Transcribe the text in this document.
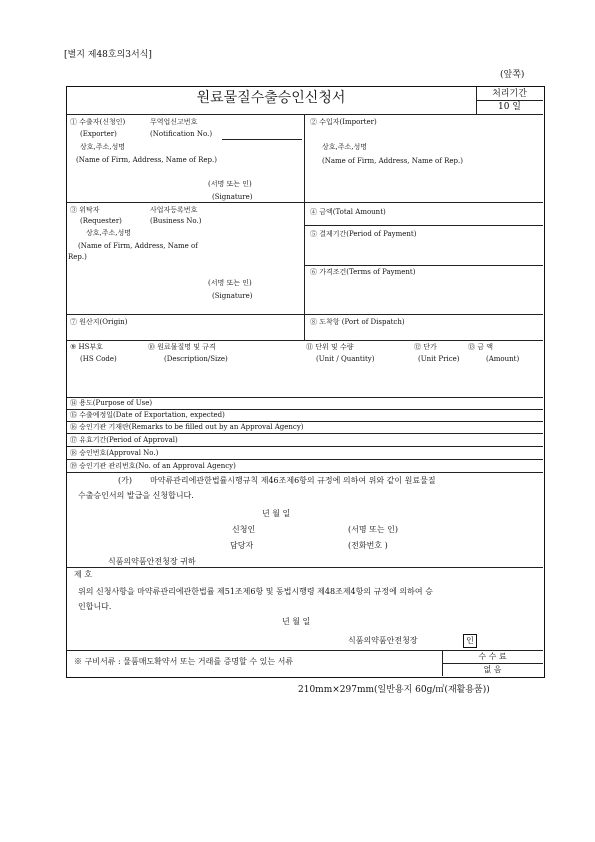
[별지 제48호의3서식]
(앞쪽)
원료물질수출승인신청서	처리기간
10 일
① 수출자(신청인)	무역업신고번호
(Exporter)	(Notification No.)
상호,주소,성명
(Name of Firm, Address, Name of Rep.)
(서명 또는 인)
(Signature)
② 수입자(Importer)
상호,주소,성명
(Name of Firm, Address, Name of Rep.)
③ 위탁자	사업자등록번호
(Requester)	(Business No.)
상호,주소,성명
(Name of Firm, Address, Name of
Rep.)
(서명 또는 인)
(Signature)
④ 금액(Total Amount)
⑤ 결제기간(Period of Payment)
⑥ 가격조건(Terms of Payment)
⑦ 원산지(Origin)	⑧ 도착항 (Port of Dispatch)
⑨ HS부호
(HS Code)
⑩ 원료물질명 및 규격
(Description/Size)
⑪ 단위 및 수량
(Unit / Quantity)
⑫ 단가
(Unit Price)
⑬ 금 액
(Amount)
⑭ 용도(Purpose of Use)
⑮ 수출예정일(Date of Exportation, expected)
⑯ 승인기관 기재란(Remarks to be filled out by an Approval Agency)
⑰ 유효기간(Period of Approval)
⑱ 승인번호(Approval No.)
⑲ 승인기관 관리번호(No. of an Approval Agency)
(가) 마약류관리에관한법률시행규칙 제46조제6항의 규정에 의하여 위와 같이 원료물질
수출승인서의 발급을 신청합니다.
년 월 일
신청인	(서명 또는 인)
담당자	(전화번호 )
식품의약품안전청장 귀하
제 호
위의 신청사항을 마약류관리에관한법률 제51조제6항 및 동법시행령 제48조제4항의 규정에 의하여 승
인합니다.
년 월 일
식품의약품안전청장	인
※ 구비서류 : 물품매도확약서 또는 거래를 증명할 수 있는 서류
수 수 료
없 음
210mm×297mm(일반용지 60g/㎡(재활용품))
